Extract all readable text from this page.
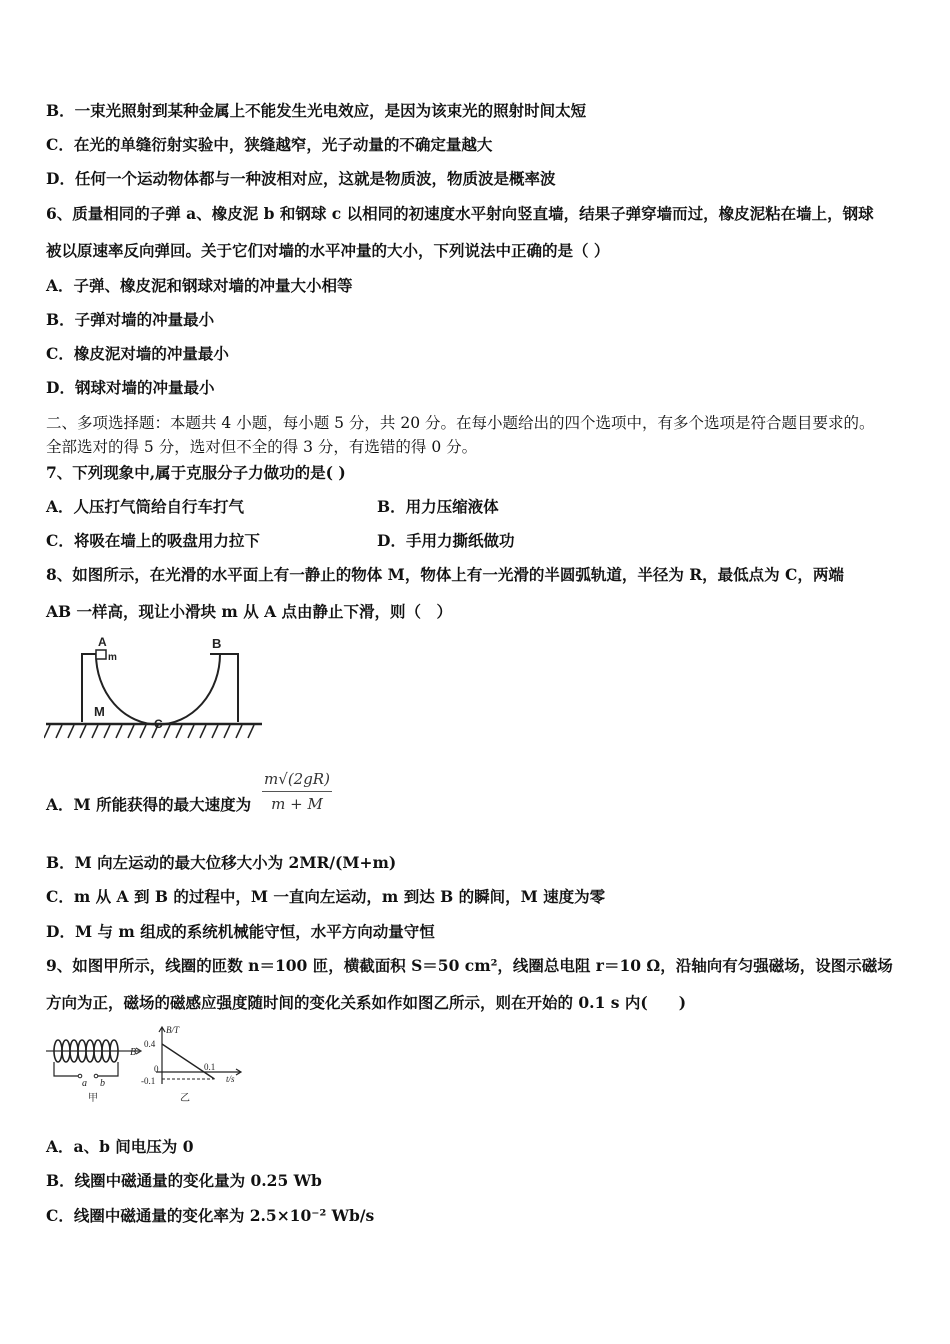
B．一束光照射到某种金属上不能发生光电效应，是因为该束光的照射时间太短
C．在光的单缝衍射实验中，狭缝越窄，光子动量的不确定量越大
D．任何一个运动物体都与一种波相对应，这就是物质波，物质波是概率波
6、质量相同的子弹 a、橡皮泥 b 和钢球 c 以相同的初速度水平射向竖直墙，结果子弹穿墙而过，橡皮泥粘在墙上，钢球
被以原速率反向弹回。关于它们对墙的水平冲量的大小，下列说法中正确的是（ ）
A．子弹、橡皮泥和钢球对墙的冲量大小相等
B．子弹对墙的冲量最小
C．橡皮泥对墙的冲量最小
D．钢球对墙的冲量最小
二、多项选择题：本题共 4 小题，每小题 5 分，共 20 分。在每小题给出的四个选项中，有多个选项是符合题目要求的。
全部选对的得 5 分，选对但不全的得 3 分，有选错的得 0 分。
7、下列现象中,属于克服分子力做功的是( )
A．人压打气筒给自行车打气	B．用力压缩液体
C．将吸在墙上的吸盘用力拉下	D．手用力撕纸做功
8、如图所示，在光滑的水平面上有一静止的物体 M，物体上有一光滑的半圆弧轨道，半径为 R，最低点为 C，两端
AB 一样高，现让小滑块 m 从 A 点由静止下滑，则（　）
A
m
B
M
C
A．M 所能获得的最大速度为 $\frac{m√(2gR)}{m + M}$
B．M 向左运动的最大位移大小为 2MR/(M+m)
C．m 从 A 到 B 的过程中，M 一直向左运动，m 到达 B 的瞬间，M 速度为零
D．M 与 m 组成的系统机械能守恒，水平方向动量守恒
9、如图甲所示，线圈的匝数 n＝100 匝，横截面积 S＝50 cm²，线圈总电阻 r＝10 Ω，沿轴向有匀强磁场，设图示磁场
方向为正，磁场的磁感应强度随时间的变化关系如作如图乙所示，则在开始的 0.1 s 内(　　)
B
a b
甲
B/T
t/s
0.4
-0.1
0	0.1
乙
A．a、b 间电压为 0
B．线圈中磁通量的变化量为 0.25 Wb
C．线圈中磁通量的变化率为 2.5×10⁻² Wb/s
